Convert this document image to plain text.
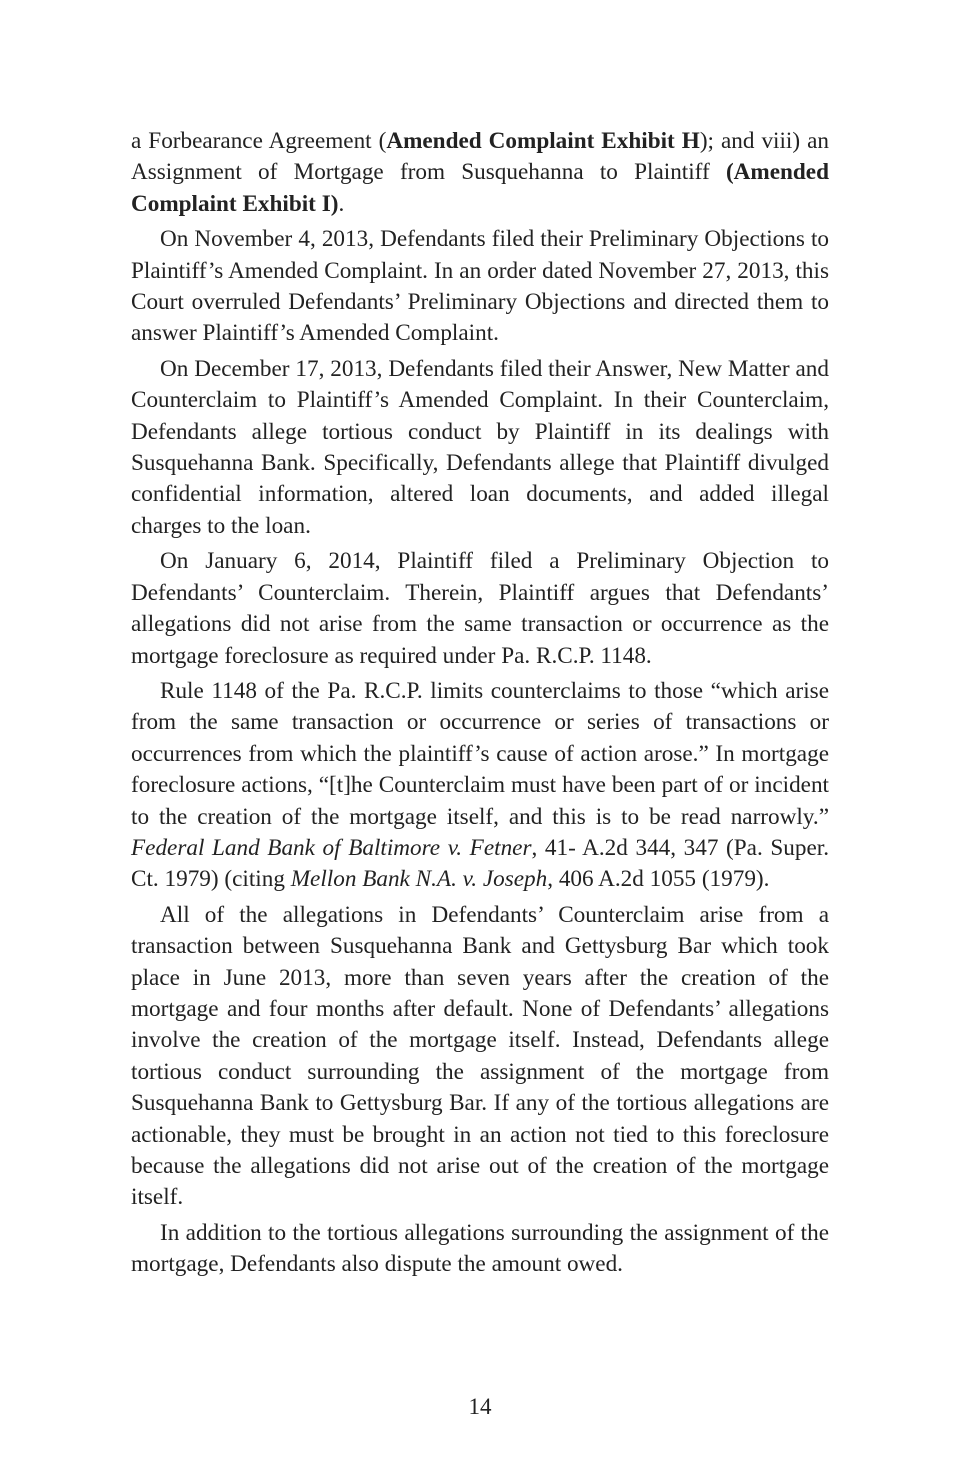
a Forbearance Agreement (Amended Complaint Exhibit H); and viii) an Assignment of Mortgage from Susquehanna to Plaintiff (Amended Complaint Exhibit I).

On November 4, 2013, Defendants filed their Preliminary Objections to Plaintiff’s Amended Complaint. In an order dated November 27, 2013, this Court overruled Defendants’ Preliminary Objections and directed them to answer Plaintiff’s Amended Complaint.

On December 17, 2013, Defendants filed their Answer, New Matter and Counterclaim to Plaintiff’s Amended Complaint. In their Counterclaim, Defendants allege tortious conduct by Plaintiff in its dealings with Susquehanna Bank. Specifically, Defendants allege that Plaintiff divulged confidential information, altered loan documents, and added illegal charges to the loan.

On January 6, 2014, Plaintiff filed a Preliminary Objection to Defendants’ Counterclaim. Therein, Plaintiff argues that Defendants’ allegations did not arise from the same transaction or occurrence as the mortgage foreclosure as required under Pa. R.C.P. 1148.

Rule 1148 of the Pa. R.C.P. limits counterclaims to those “which arise from the same transaction or occurrence or series of transactions or occurrences from which the plaintiff’s cause of action arose.” In mortgage foreclosure actions, “[t]he Counterclaim must have been part of or incident to the creation of the mortgage itself, and this is to be read narrowly.” Federal Land Bank of Baltimore v. Fetner, 41- A.2d 344, 347 (Pa. Super. Ct. 1979) (citing Mellon Bank N.A. v. Joseph, 406 A.2d 1055 (1979).

All of the allegations in Defendants’ Counterclaim arise from a transaction between Susquehanna Bank and Gettysburg Bar which took place in June 2013, more than seven years after the creation of the mortgage and four months after default. None of Defendants’ allegations involve the creation of the mortgage itself. Instead, Defendants allege tortious conduct surrounding the assignment of the mortgage from Susquehanna Bank to Gettysburg Bar. If any of the tortious allegations are actionable, they must be brought in an action not tied to this foreclosure because the allegations did not arise out of the creation of the mortgage itself.

In addition to the tortious allegations surrounding the assignment of the mortgage, Defendants also dispute the amount owed.

14
